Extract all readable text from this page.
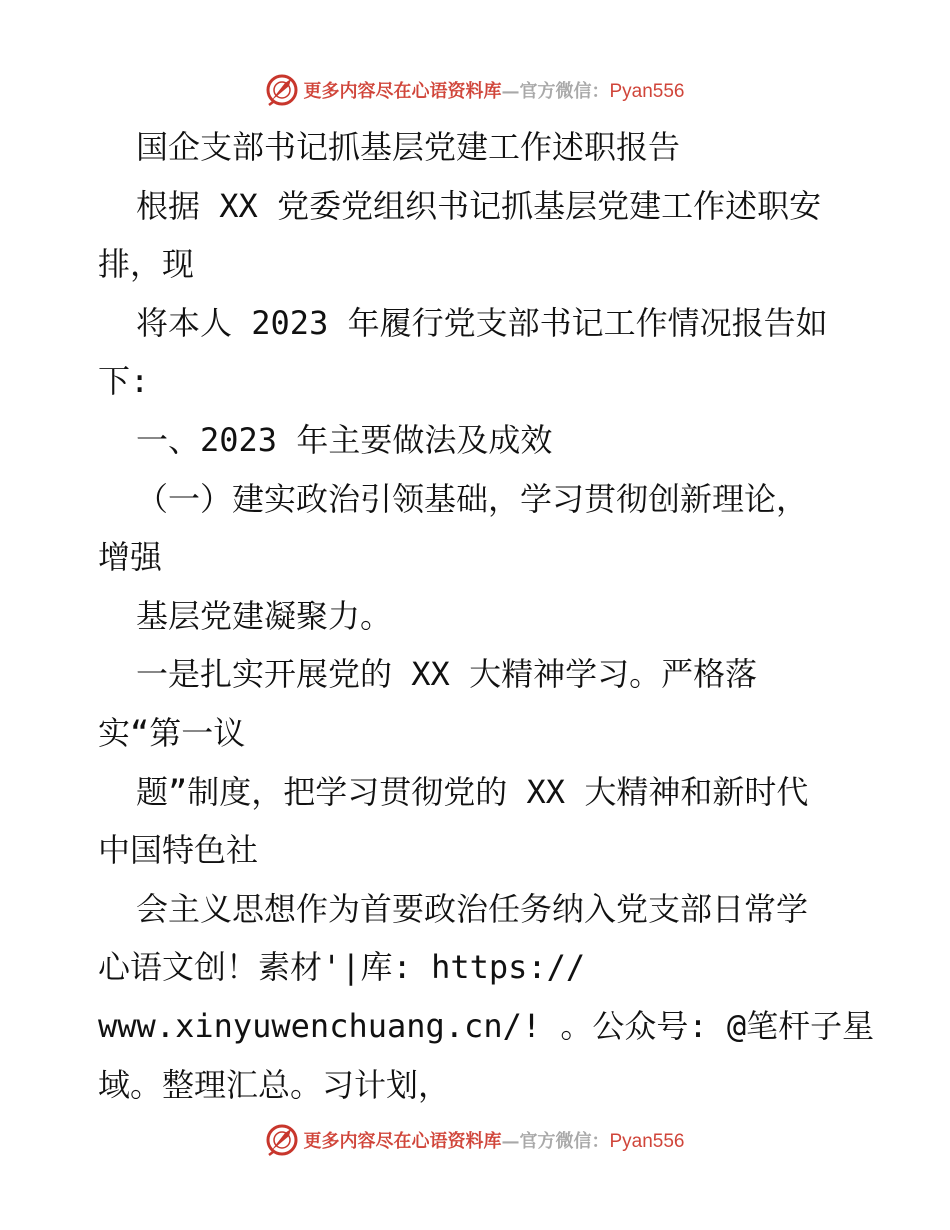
更多内容尽在心语资料库—官方微信：Pyan556
国企支部书记抓基层党建工作述职报告
根据 XX 党委党组织书记抓基层党建工作述职安
排，现
将本人 2023 年履行党支部书记工作情况报告如
下:
一、2023 年主要做法及成效
（一）建实政治引领基础，学习贯彻创新理论，
增强
基层党建凝聚力。
一是扎实开展党的 XX 大精神学习。严格落
实“第一议
题”制度，把学习贯彻党的 XX 大精神和新时代
中国特色社
会主义思想作为首要政治任务纳入党支部日常学
心语文创！素材'|库: https://
www.xinyuwenchuang.cn/! 。公众号: @笔杆子星
域。整理汇总。习计划，
更多内容尽在心语资料库—官方微信：Pyan556
